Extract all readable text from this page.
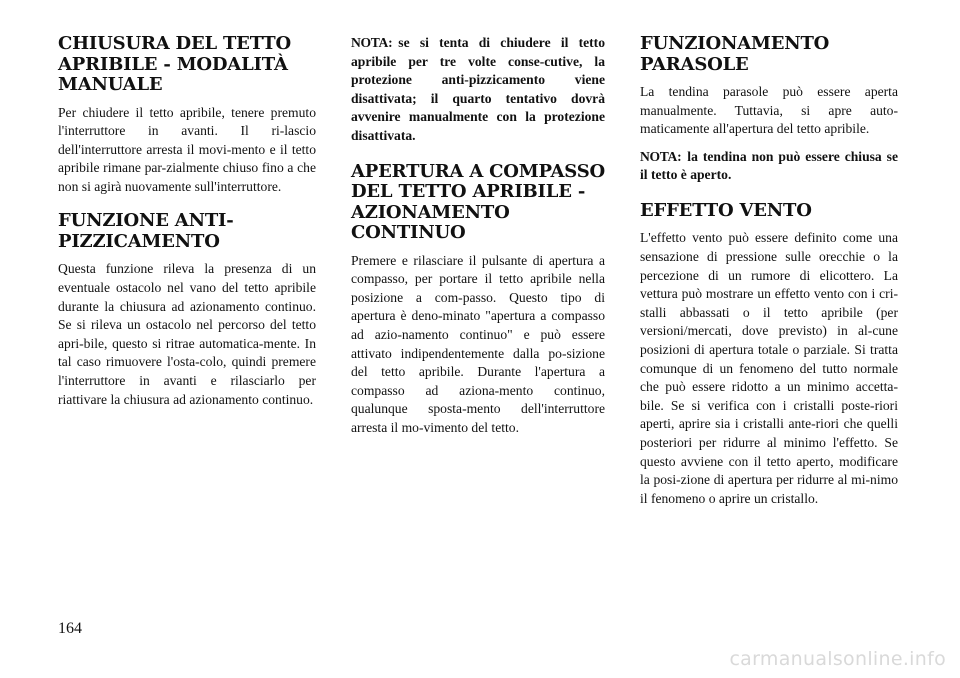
CHIUSURA DEL TETTO APRIBILE - MODALITÀ MANUALE

Per chiudere il tetto apribile, tenere premuto l'interruttore in avanti. Il ri-lascio dell'interruttore arresta il movi-mento e il tetto apribile rimane par-zialmente chiuso fino a che non si agirà nuovamente sull'interruttore.

FUNZIONE ANTI-PIZZICAMENTO

Questa funzione rileva la presenza di un eventuale ostacolo nel vano del tetto apribile durante la chiusura ad azionamento continuo. Se si rileva un ostacolo nel percorso del tetto apri-bile, questo si ritrae automatica-mente. In tal caso rimuovere l'osta-colo, quindi premere l'interruttore in avanti e rilasciarlo per riattivare la chiusura ad azionamento continuo.

NOTA: se si tenta di chiudere il tetto apribile per tre volte conse-cutive, la protezione anti-pizzicamento viene disattivata; il quarto tentativo dovrà avvenire manualmente con la protezione disattivata.
APERTURA A COMPASSO DEL TETTO APRIBILE - AZIONAMENTO CONTINUO

Premere e rilasciare il pulsante di apertura a compasso, per portare il tetto apribile nella posizione a com-passo. Questo tipo di apertura è deno-minato "apertura a compasso ad azio-namento continuo" e può essere attivato indipendentemente dalla po-sizione del tetto apribile. Durante l'apertura a compasso ad aziona-mento continuo, qualunque sposta-mento dell'interruttore arresta il mo-vimento del tetto.

FUNZIONAMENTO PARASOLE

La tendina parasole può essere aperta manualmente. Tuttavia, si apre auto-maticamente all'apertura del tetto apribile.

NOTA: la tendina non può essere chiusa se il tetto è aperto.
EFFETTO VENTO

L'effetto vento può essere definito come una sensazione di pressione sulle orecchie o la percezione di un rumore di elicottero. La vettura può mostrare un effetto vento con i cri-stalli abbassati o il tetto apribile (per versioni/mercati, dove previsto) in al-cune posizioni di apertura totale o parziale. Si tratta comunque di un fenomeno del tutto normale che può essere ridotto a un minimo accetta-bile. Se si verifica con i cristalli poste-riori aperti, aprire sia i cristalli ante-riori che quelli posteriori per ridurre al minimo l'effetto. Se questo avviene con il tetto aperto, modificare la posi-zione di apertura per ridurre al mi-nimo il fenomeno o aprire un cristallo.

164
carmanualsonline.info
